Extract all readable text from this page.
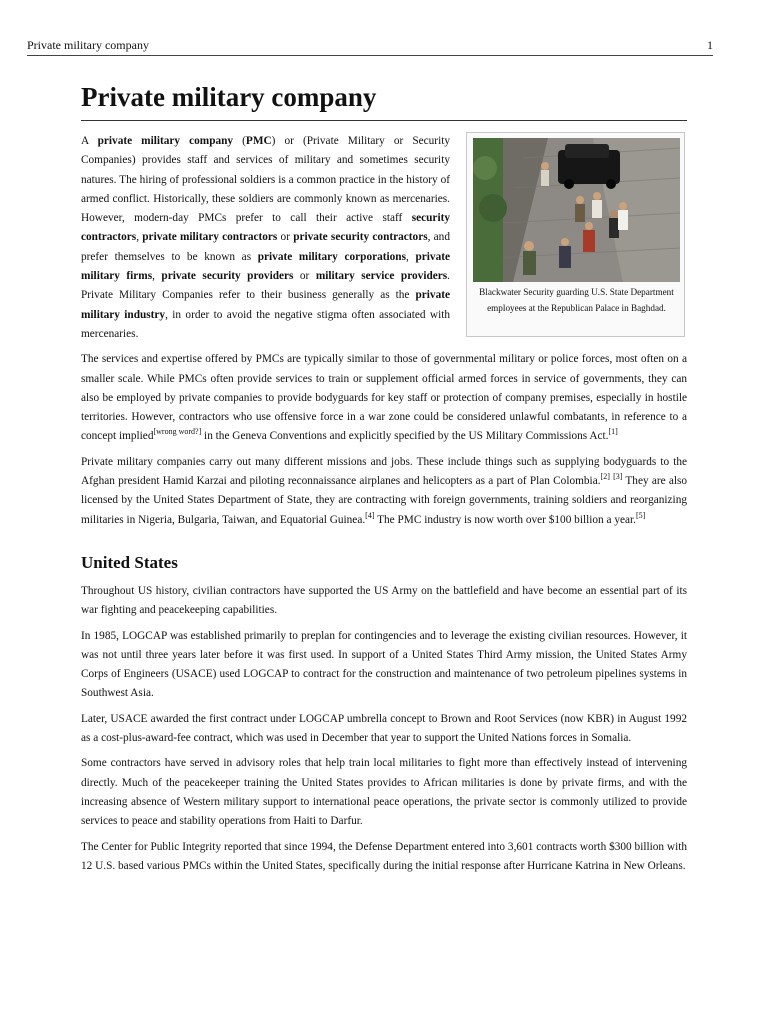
Private military company	1
Private military company

A private military company (PMC) or (Private Military or Security Companies) provides staff and services of military and sometimes security natures. The hiring of professional soldiers is a common practice in the history of armed conflict. Historically, these soldiers are commonly known as mercenaries. However, modern-day PMCs prefer to call their active staff security contractors, private military contractors or private security contractors, and prefer themselves to be known as private military corporations, private military firms, private security providers or military service providers. Private Military Companies refer to their business generally as the private military industry, in order to avoid the negative stigma often associated with mercenaries.

Blackwater Security guarding U.S. State Department employees at the Republican Palace in Baghdad.

The services and expertise offered by PMCs are typically similar to those of governmental military or police forces, most often on a smaller scale. While PMCs often provide services to train or supplement official armed forces in service of governments, they can also be employed by private companies to provide bodyguards for key staff or protection of company premises, especially in hostile territories. However, contractors who use offensive force in a war zone could be considered unlawful combatants, in reference to a concept implied[wrong word?] in the Geneva Conventions and explicitly specified by the US Military Commissions Act.[1]

Private military companies carry out many different missions and jobs. These include things such as supplying bodyguards to the Afghan president Hamid Karzai and piloting reconnaissance airplanes and helicopters as a part of Plan Colombia.[2] [3] They are also licensed by the United States Department of State, they are contracting with foreign governments, training soldiers and reorganizing militaries in Nigeria, Bulgaria, Taiwan, and Equatorial Guinea.[4] The PMC industry is now worth over $100 billion a year.[5]

United States

Throughout US history, civilian contractors have supported the US Army on the battlefield and have become an essential part of its war fighting and peacekeeping capabilities.

In 1985, LOGCAP was established primarily to preplan for contingencies and to leverage the existing civilian resources. However, it was not until three years later before it was first used. In support of a United States Third Army mission, the United States Army Corps of Engineers (USACE) used LOGCAP to contract for the construction and maintenance of two petroleum pipelines systems in Southwest Asia.

Later, USACE awarded the first contract under LOGCAP umbrella concept to Brown and Root Services (now KBR) in August 1992 as a cost-plus-award-fee contract, which was used in December that year to support the United Nations forces in Somalia.

Some contractors have served in advisory roles that help train local militaries to fight more than effectively instead of intervening directly. Much of the peacekeeper training the United States provides to African militaries is done by private firms, and with the increasing absence of Western military support to international peace operations, the private sector is commonly utilized to provide services to peace and stability operations from Haiti to Darfur.

The Center for Public Integrity reported that since 1994, the Defense Department entered into 3,601 contracts worth $300 billion with 12 U.S. based various PMCs within the United States, specifically during the initial response after Hurricane Katrina in New Orleans.
